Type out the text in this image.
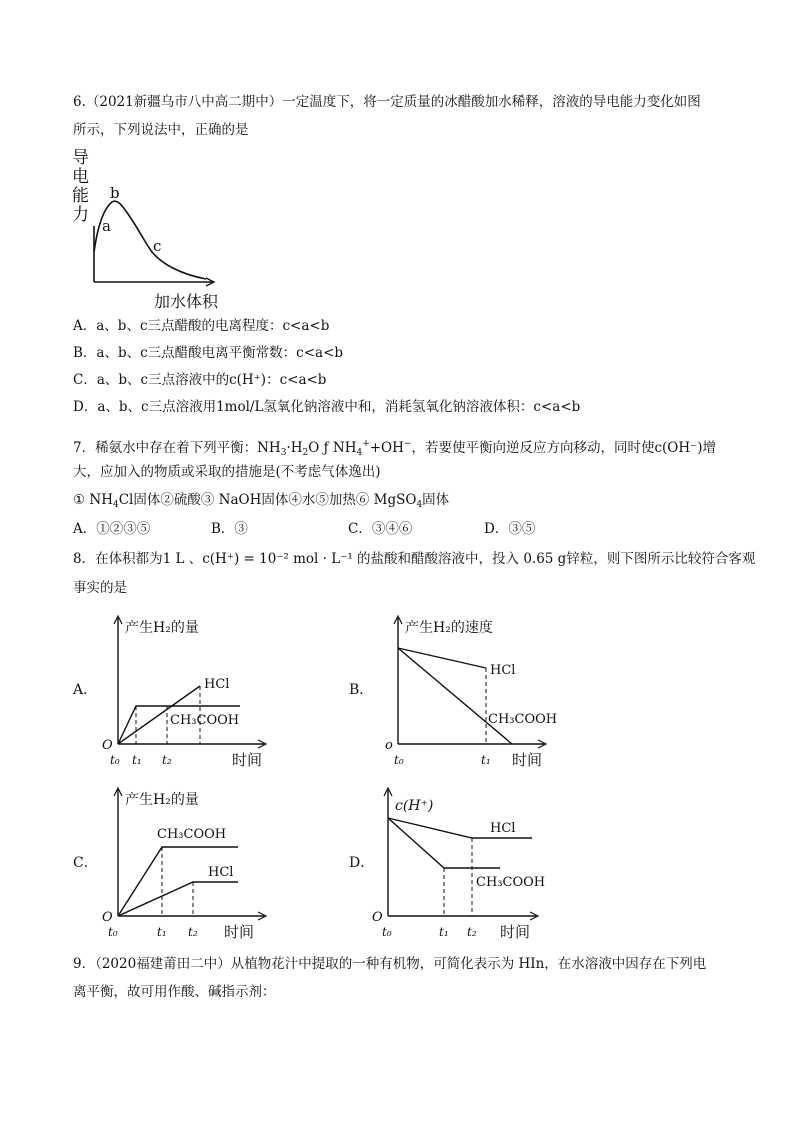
6.（2021新疆乌市八中高二期中）一定温度下，将一定质量的冰醋酸加水稀释，溶液的导电能力变化如图
所示，下列说法中，正确的是
导
电
能
力
a
b
c
加水体积
A．a、b、c三点醋酸的电离程度：c<a<b
B．a、b、c三点醋酸电离平衡常数：c<a<b
C．a、b、c三点溶液中的c(H⁺)：c<a<b
D．a、b、c三点溶液用1mol/L氢氧化钠溶液中和，消耗氢氧化钠溶液体积：c<a<b
7．稀氨水中存在着下列平衡：$NH_3\cdot H_2O$ ƒ $NH_4^++OH^-$，若要使平衡向逆反应方向移动，同时使c(OH⁻)增
大，应加入的物质或采取的措施是(不考虑气体逸出)
① $NH_4Cl$固体②硫酸③ NaOH固体④水⑤加热⑥ MgSO$_4$固体
A．①②③⑤	B．③	C．③④⑥	D．③⑤
8．在体积都为1 L 、c(H⁺) = 10⁻² mol · L⁻¹ 的盐酸和醋酸溶液中，投入 0.65 g锌粒，则下图所示比较符合客观
事实的是
A．	B．
C．	D．
产生H₂的量
HCl
CH₃COOH
O
t₀ t₁ t₂	时间
产生H₂的速度
HCl
CH₃COOH
o
t₀	t₁ 时间
产生H₂的量
CH₃COOH
HCl
O
t₀	t₁ t₂ 时间
c(H⁺)
HCl
CH₃COOH
O
t₀	t₁ t₂ 时间
9．（2020福建莆田二中）从植物花汁中提取的一种有机物，可简化表示为 HIn，在水溶液中因存在下列电
离平衡，故可用作酸、碱指示剂：
